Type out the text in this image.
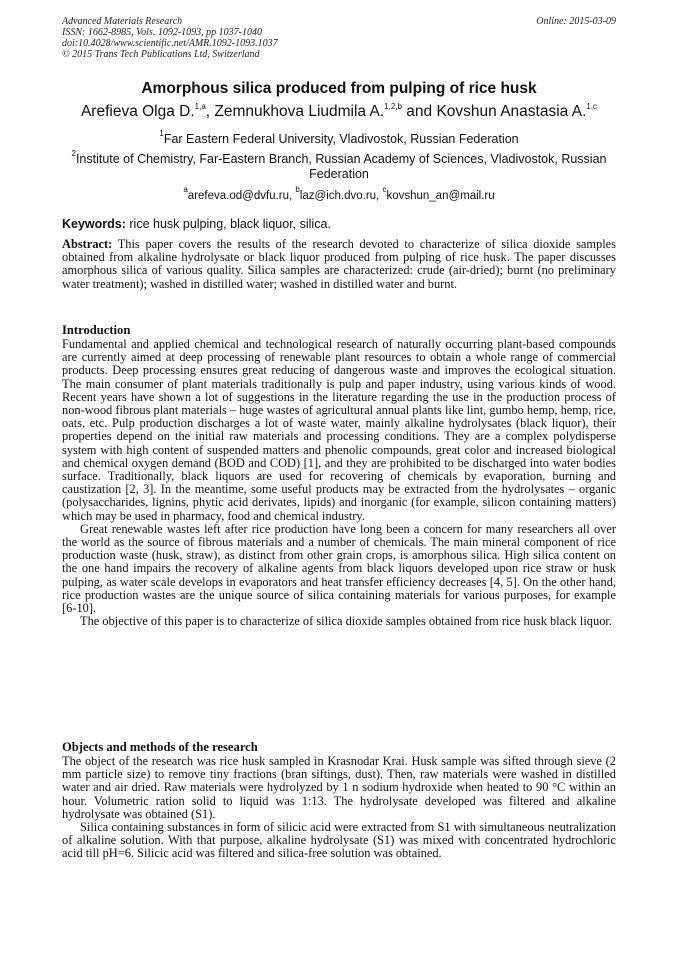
Advanced Materials Research
ISSN: 1662-8985, Vols. 1092-1093, pp 1037-1040
doi:10.4028/www.scientific.net/AMR.1092-1093.1037
© 2015 Trans Tech Publications Ltd, Switzerland
Online: 2015-03-09
Amorphous silica produced from pulping of rice husk
Arefieva Olga D.$^{1,a}$, Zemnukhova Liudmila A.$^{1,2,b}$ and Kovshun Anastasia A.$^{1,c}$
$^1$Far Eastern Federal University, Vladivostok, Russian Federation
$^2$Institute of Chemistry, Far-Eastern Branch, Russian Academy of Sciences, Vladivostok, Russian Federation
$^a$arefeva.od@dvfu.ru, $^b$laz@ich.dvo.ru, $^c$kovshun_an@mail.ru
Keywords: rice husk pulping, black liquor, silica.

Abstract: This paper covers the results of the research devoted to characterize of silica dioxide samples obtained from alkaline hydrolysate or black liquor produced from pulping of rice husk. The paper discusses amorphous silica of various quality. Silica samples are characterized: crude (air-dried); burnt (no preliminary water treatment); washed in distilled water; washed in distilled water and burnt.

Introduction

Fundamental and applied chemical and technological research of naturally occurring plant-based compounds are currently aimed at deep processing of renewable plant resources to obtain a whole range of commercial products. Deep processing ensures great reducing of dangerous waste and improves the ecological situation. The main consumer of plant materials traditionally is pulp and paper industry, using various kinds of wood. Recent years have shown a lot of suggestions in the literature regarding the use in the production process of non-wood fibrous plant materials – huge wastes of agricultural annual plants like lint, gumbo hemp, hemp, rice, oats, etc. Pulp production discharges a lot of waste water, mainly alkaline hydrolysates (black liquor), their properties depend on the initial raw materials and processing conditions. They are a complex polydisperse system with high content of suspended matters and phenolic compounds, great color and increased biological and chemical oxygen demand (BOD and COD) [1], and they are prohibited to be discharged into water bodies surface. Traditionally, black liquors are used for recovering of chemicals by evaporation, burning and caustization [2, 3]. In the meantime, some useful products may be extracted from the hydrolysates – organic (polysaccharides, lignins, phytic acid derivates, lipids) and inorganic (for example, silicon containing matters) which may be used in pharmacy, food and chemical industry.

Great renewable wastes left after rice production have long been a concern for many researchers all over the world as the source of fibrous materials and a number of chemicals. The main mineral component of rice production waste (husk, straw), as distinct from other grain crops, is amorphous silica. High silica content on the one hand impairs the recovery of alkaline agents from black liquors developed upon rice straw or husk pulping, as water scale develops in evaporators and heat transfer efficiency decreases [4, 5]. On the other hand, rice production wastes are the unique source of silica containing materials for various purposes, for example [6-10].

The objective of this paper is to characterize of silica dioxide samples obtained from rice husk black liquor.

Objects and methods of the research

The object of the research was rice husk sampled in Krasnodar Krai. Husk sample was sifted through sieve (2 mm particle size) to remove tiny fractions (bran siftings, dust). Then, raw materials were washed in distilled water and air dried. Raw materials were hydrolyzed by 1 n sodium hydroxide when heated to 90 °C within an hour. Volumetric ration solid to liquid was 1:13. The hydrolysate developed was filtered and alkaline hydrolysate was obtained (S1).

Silica containing substances in form of silicic acid were extracted from S1 with simultaneous neutralization of alkaline solution. With that purpose, alkaline hydrolysate (S1) was mixed with concentrated hydrochloric acid till pH=6. Silicic acid was filtered and silica-free solution was obtained.
